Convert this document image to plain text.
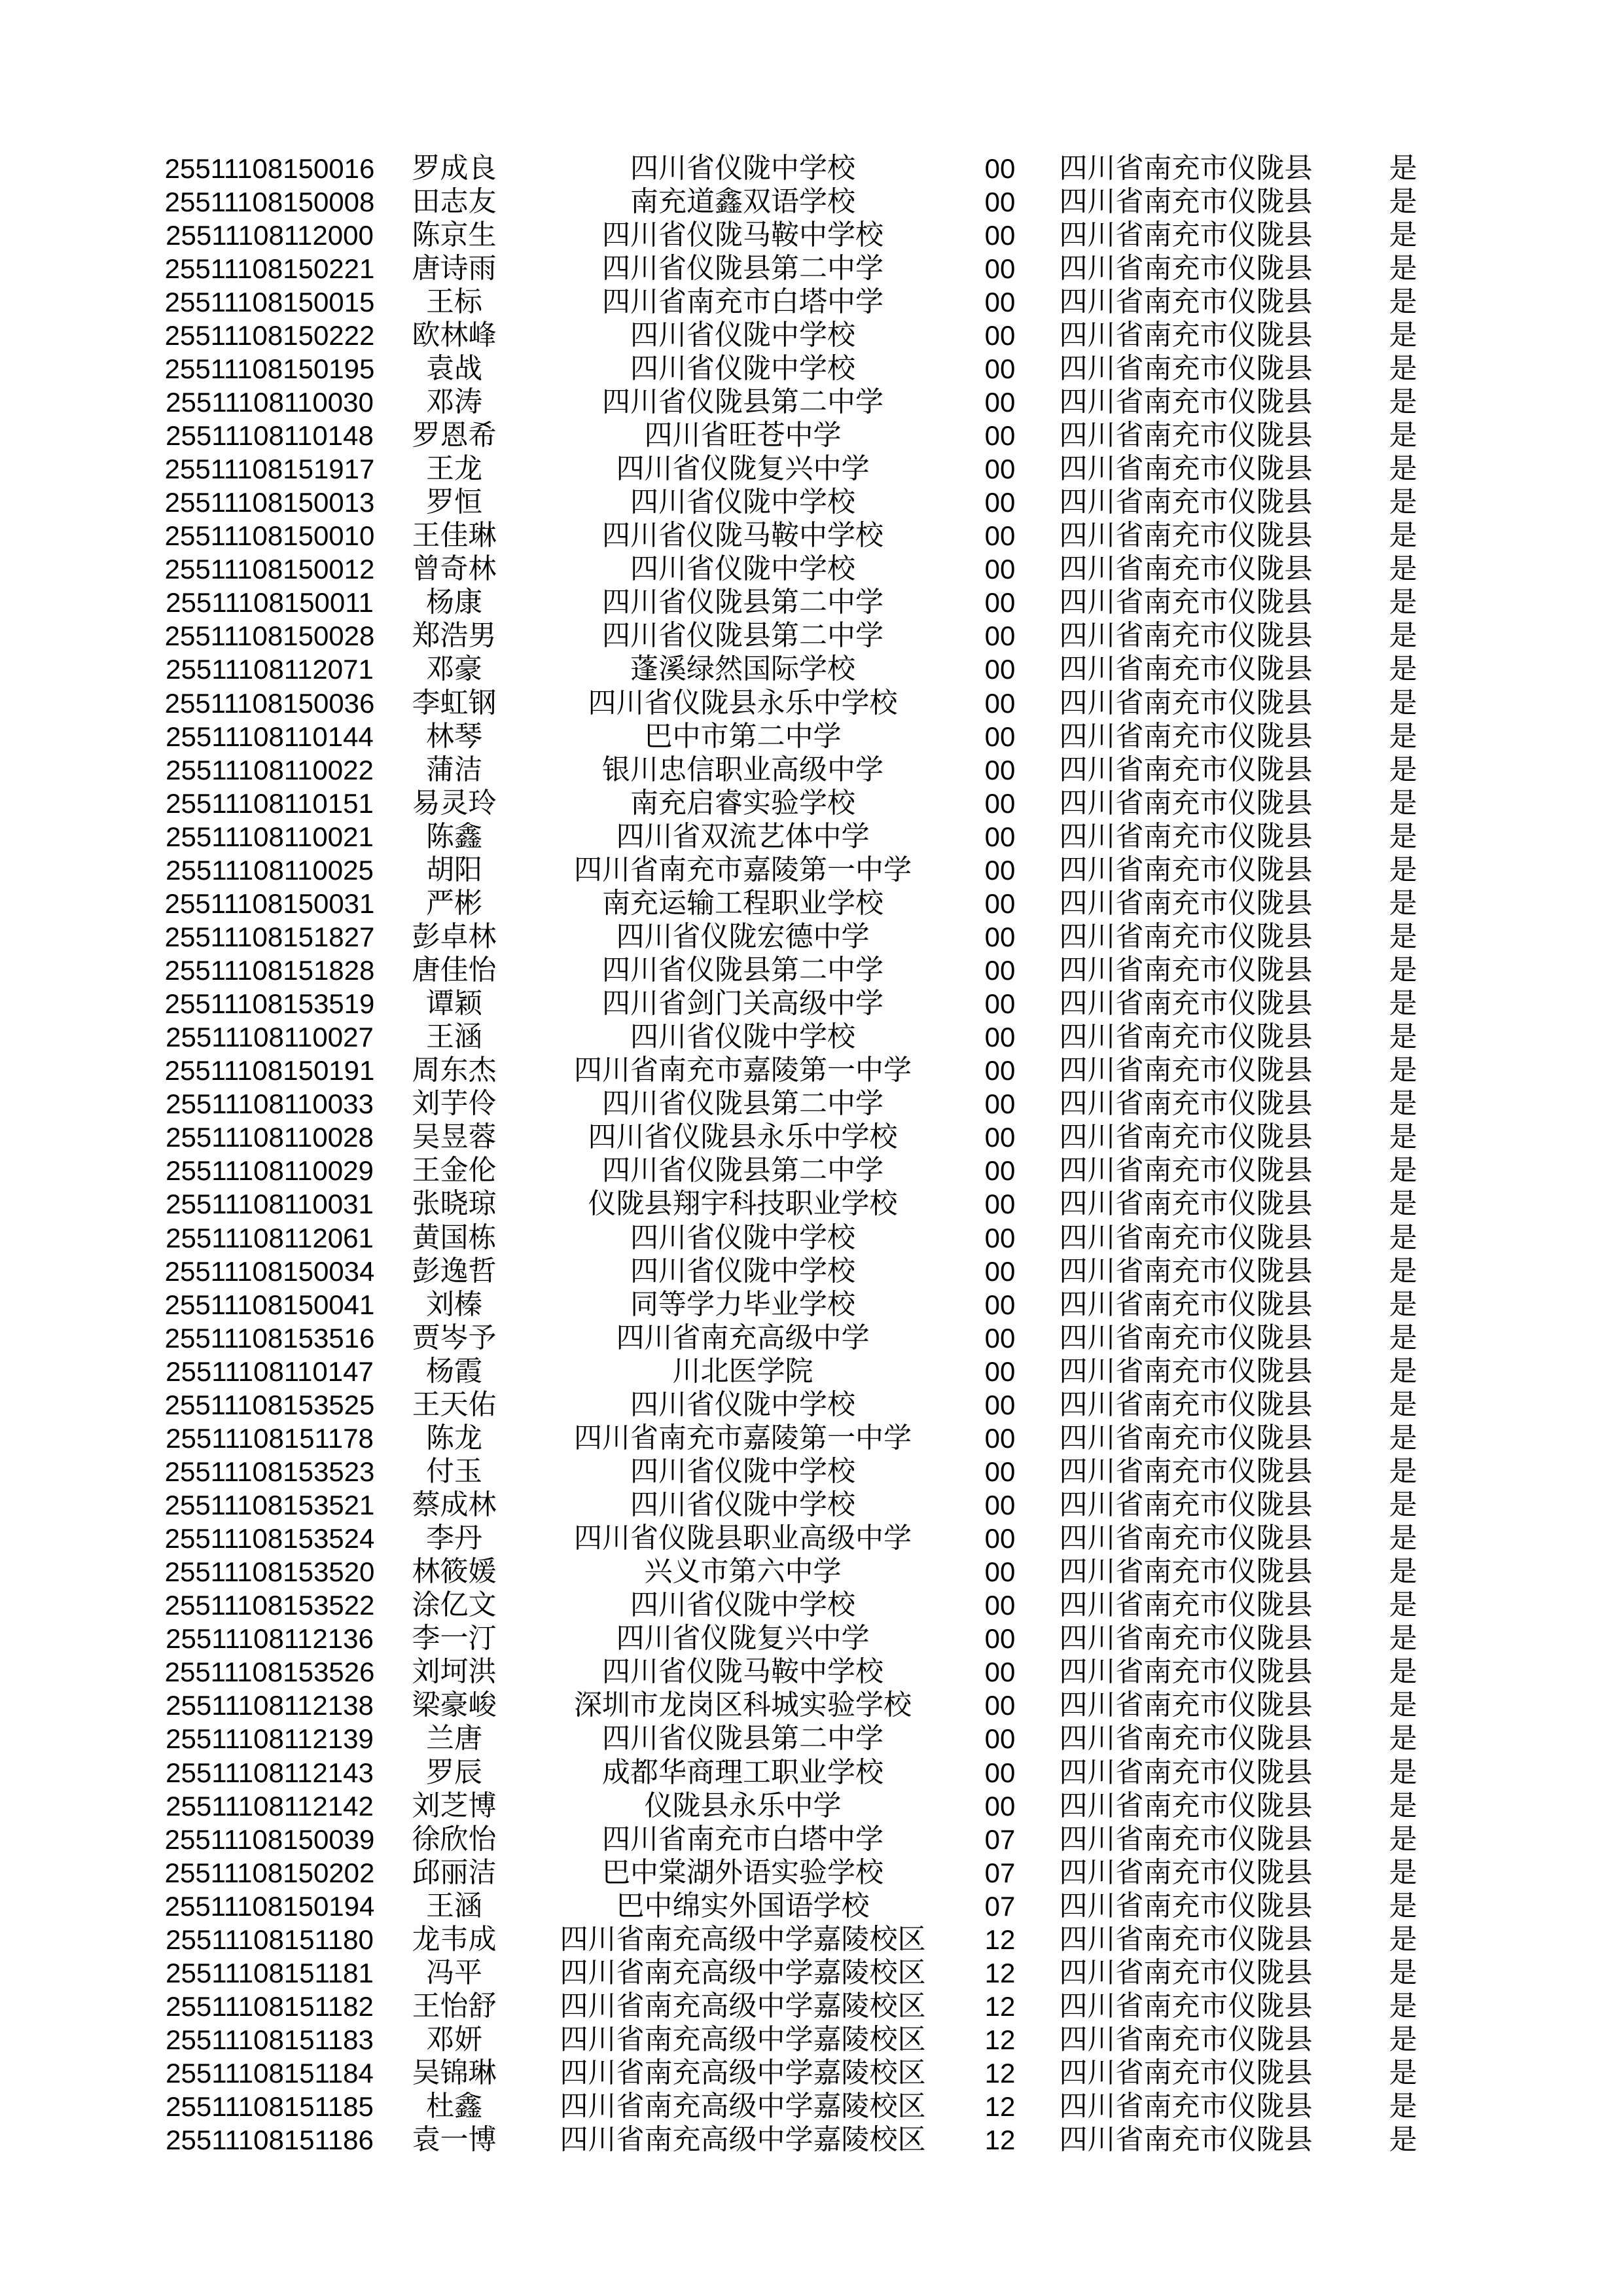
25511108150016 罗成良	四川省仪陇中学校	00 四川省南充市仪陇县	是
25511108150008 田志友	南充道鑫双语学校	00 四川省南充市仪陇县	是
25511108112000 陈京生	四川省仪陇马鞍中学校	00 四川省南充市仪陇县	是
25511108150221 唐诗雨	四川省仪陇县第二中学	00 四川省南充市仪陇县	是
25511108150015 王标	四川省南充市白塔中学	00 四川省南充市仪陇县	是
25511108150222 欧林峰	四川省仪陇中学校	00 四川省南充市仪陇县	是
25511108150195 袁战	四川省仪陇中学校	00 四川省南充市仪陇县	是
25511108110030 邓涛	四川省仪陇县第二中学	00 四川省南充市仪陇县	是
25511108110148 罗恩希	四川省旺苍中学	00 四川省南充市仪陇县	是
25511108151917 王龙	四川省仪陇复兴中学	00 四川省南充市仪陇县	是
25511108150013 罗恒	四川省仪陇中学校	00 四川省南充市仪陇县	是
25511108150010 王佳琳	四川省仪陇马鞍中学校	00 四川省南充市仪陇县	是
25511108150012 曾奇林	四川省仪陇中学校	00 四川省南充市仪陇县	是
25511108150011 杨康	四川省仪陇县第二中学	00 四川省南充市仪陇县	是
25511108150028 郑浩男	四川省仪陇县第二中学	00 四川省南充市仪陇县	是
25511108112071 邓豪	蓬溪绿然国际学校	00 四川省南充市仪陇县	是
25511108150036 李虹钢	四川省仪陇县永乐中学校	00 四川省南充市仪陇县	是
25511108110144 林琴	巴中市第二中学	00 四川省南充市仪陇县	是
25511108110022 蒲洁	银川忠信职业高级中学	00 四川省南充市仪陇县	是
25511108110151 易灵玲	南充启睿实验学校	00 四川省南充市仪陇县	是
25511108110021 陈鑫	四川省双流艺体中学	00 四川省南充市仪陇县	是
25511108110025 胡阳	四川省南充市嘉陵第一中学	00 四川省南充市仪陇县	是
25511108150031 严彬	南充运输工程职业学校	00 四川省南充市仪陇县	是
25511108151827 彭卓林	四川省仪陇宏德中学	00 四川省南充市仪陇县	是
25511108151828 唐佳怡	四川省仪陇县第二中学	00 四川省南充市仪陇县	是
25511108153519 谭颖	四川省剑门关高级中学	00 四川省南充市仪陇县	是
25511108110027 王涵	四川省仪陇中学校	00 四川省南充市仪陇县	是
25511108150191 周东杰	四川省南充市嘉陵第一中学	00 四川省南充市仪陇县	是
25511108110033 刘芋伶	四川省仪陇县第二中学	00 四川省南充市仪陇县	是
25511108110028 吴昱蓉	四川省仪陇县永乐中学校	00 四川省南充市仪陇县	是
25511108110029 王金伦	四川省仪陇县第二中学	00 四川省南充市仪陇县	是
25511108110031 张晓琼	仪陇县翔宇科技职业学校	00 四川省南充市仪陇县	是
25511108112061 黄国栋	四川省仪陇中学校	00 四川省南充市仪陇县	是
25511108150034 彭逸哲	四川省仪陇中学校	00 四川省南充市仪陇县	是
25511108150041 刘榛	同等学力毕业学校	00 四川省南充市仪陇县	是
25511108153516 贾岑予	四川省南充高级中学	00 四川省南充市仪陇县	是
25511108110147 杨霞	川北医学院	00 四川省南充市仪陇县	是
25511108153525 王天佑	四川省仪陇中学校	00 四川省南充市仪陇县	是
25511108151178 陈龙	四川省南充市嘉陵第一中学	00 四川省南充市仪陇县	是
25511108153523 付玉	四川省仪陇中学校	00 四川省南充市仪陇县	是
25511108153521 蔡成林	四川省仪陇中学校	00 四川省南充市仪陇县	是
25511108153524 李丹	四川省仪陇县职业高级中学	00 四川省南充市仪陇县	是
25511108153520 林筱媛	兴义市第六中学	00 四川省南充市仪陇县	是
25511108153522 涂亿文	四川省仪陇中学校	00 四川省南充市仪陇县	是
25511108112136 李一汀	四川省仪陇复兴中学	00 四川省南充市仪陇县	是
25511108153526 刘坷洪	四川省仪陇马鞍中学校	00 四川省南充市仪陇县	是
25511108112138 梁豪峻	深圳市龙岗区科城实验学校	00 四川省南充市仪陇县	是
25511108112139 兰唐	四川省仪陇县第二中学	00 四川省南充市仪陇县	是
25511108112143 罗辰	成都华商理工职业学校	00 四川省南充市仪陇县	是
25511108112142 刘芝博	仪陇县永乐中学	00 四川省南充市仪陇县	是
25511108150039 徐欣怡	四川省南充市白塔中学	07 四川省南充市仪陇县	是
25511108150202 邱丽洁	巴中棠湖外语实验学校	07 四川省南充市仪陇县	是
25511108150194 王涵	巴中绵实外国语学校	07 四川省南充市仪陇县	是
25511108151180 龙韦成 四川省南充高级中学嘉陵校区 12 四川省南充市仪陇县	是
25511108151181 冯平	四川省南充高级中学嘉陵校区 12 四川省南充市仪陇县	是
25511108151182 王怡舒 四川省南充高级中学嘉陵校区 12 四川省南充市仪陇县	是
25511108151183 邓妍	四川省南充高级中学嘉陵校区 12 四川省南充市仪陇县	是
25511108151184 吴锦琳 四川省南充高级中学嘉陵校区 12 四川省南充市仪陇县	是
25511108151185 杜鑫	四川省南充高级中学嘉陵校区 12 四川省南充市仪陇县	是
25511108151186 袁一博 四川省南充高级中学嘉陵校区 12 四川省南充市仪陇县	是
